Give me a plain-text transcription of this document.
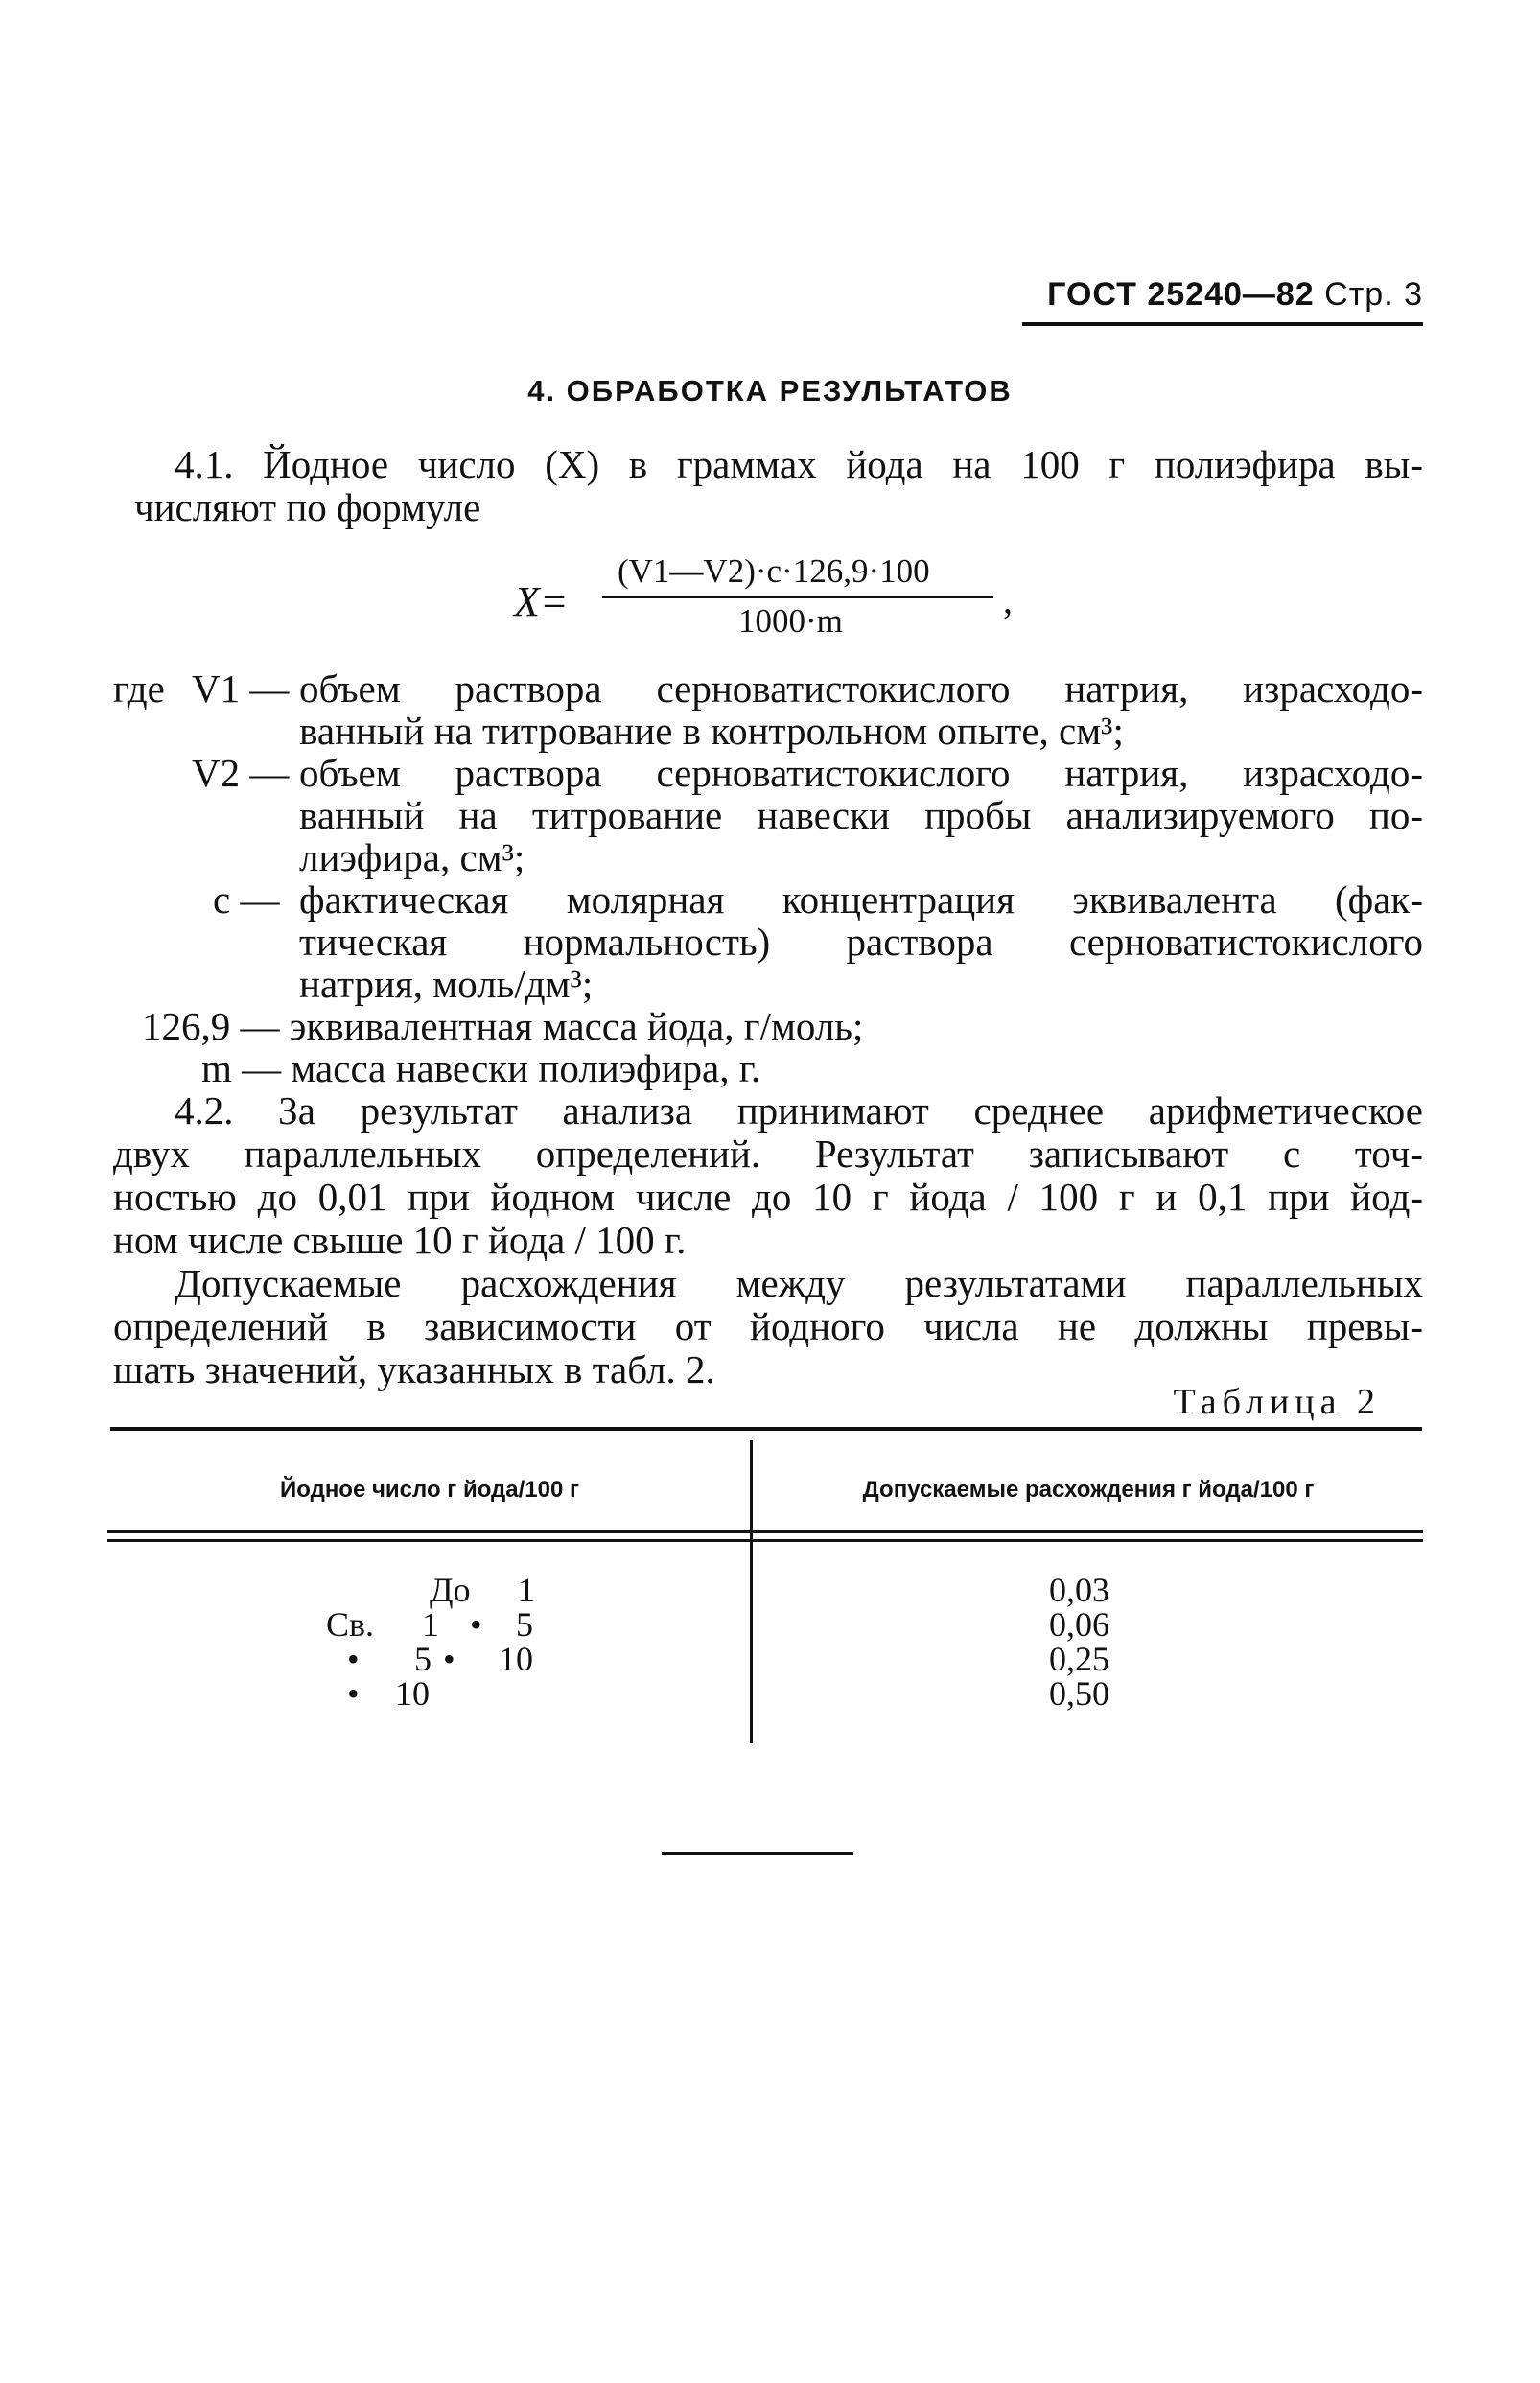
ГОСТ 25240—82 Стр. 3
4. ОБРАБОТКА РЕЗУЛЬТАТОВ
4.1. Йодное число (X) в граммах йода на 100 г полиэфира вы-
числяют по формуле
X=
(V1—V2)·c·126,9·100
1000·m	,
где V1 — объем раствора серноватистокислого натрия, израсходо-
ванный на титрование в контрольном опыте, см³;
V2 — объем раствора серноватистокислого натрия, израсходо-
ванный на титрование навески пробы анализируемого по-
лиэфира, см³;
c — фактическая молярная концентрация эквивалента (фак-
тическая нормальность) раствора серноватистокислого
натрия, моль/дм³;
126,9 — эквивалентная масса йода, г/моль;
m — масса навески полиэфира, г.
4.2. За результат анализа принимают среднее арифметическое
двух параллельных определений. Результат записывают с точ-
ностью до 0,01 при йодном числе до 10 г йода / 100 г и 0,1 при йод-
ном числе свыше 10 г йода / 100 г.
Допускаемые расхождения между результатами параллельных
определений в зависимости от йодного числа не должны превы-
шать значений, указанных в табл. 2.
Таблица 2
Йодное число г йода/100 г	Допускаемые расхождения г йода/100 г
До 1	0,03
Св. 1 • 5	0,06
• 5 • 10	0,25
• 10	0,50
